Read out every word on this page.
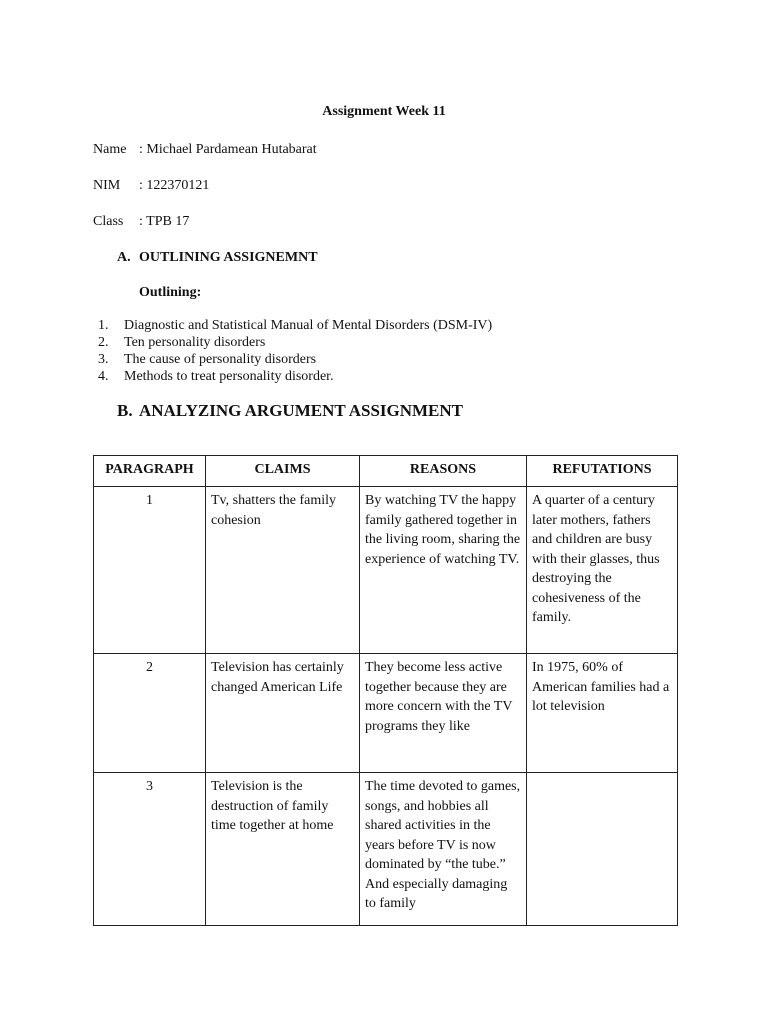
Assignment Week 11
Name : Michael Pardamean Hutabarat
NIM : 122370121
Class : TPB 17
A. OUTLINING ASSIGNEMNT
Outlining:
1. Diagnostic and Statistical Manual of Mental Disorders (DSM-IV)
2. Ten personality disorders
3. The cause of personality disorders
4. Methods to treat personality disorder.
B. ANALYZING ARGUMENT ASSIGNMENT
PARAGRAPH	CLAIMS	REASONS	REFUTATIONS
1	Tv, shatters the family cohesion	By watching TV the happy family gathered together in the living room, sharing the experience of watching TV.	A quarter of a century later mothers, fathers and children are busy with their glasses, thus destroying the cohesiveness of the family.
2	Television has certainly changed American Life	They become less active together because they are more concern with the TV programs they like	In 1975, 60% of American families had a lot television
3	Television is the destruction of family time together at home	The time devoted to games, songs, and hobbies all shared activities in the years before TV is now dominated by “the tube.” And especially damaging to family	
